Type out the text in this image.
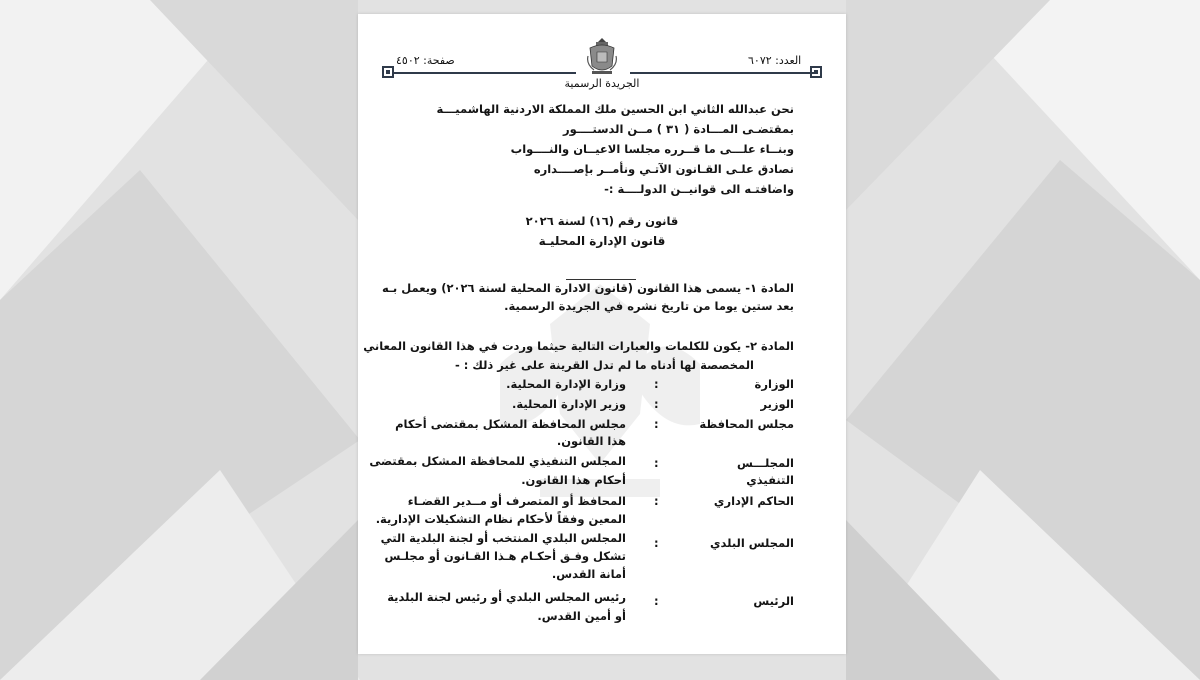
صفحة: ٤٥٠٢	العدد: ٦٠٧٢
الجريدة الرسمية
نحن عبدالله الثاني ابن الحسين ملك المملكة الاردنية الهاشميـــة
بمقتضـى المـــادة ( ٣١ ) مــن الدستــــور
وبنــاء علـــى ما قــرره مجلسا الاعيــان والنــــواب
نصادق علـى القـانون الآتـي ونأمــر بإصــــداره
واضافتـه الى قوانيــن الدولــــة :-
قانون رقم (١٦) لسنة ٢٠٢٦
قانون الإدارة المحليـة
المادة ١- يسمى هذا القانون (قانون الادارة المحلية لسنة ٢٠٢٦) ويعمل بـه
بعد ستين يوما من تاريخ نشره في الجريدة الرسمية.
المادة ٢- يكون للكلمات والعبارات التالية حيثما وردت في هذا القانون المعاني
المخصصة لها أدناه ما لم تدل القرينة على غير ذلك : -
الوزارة
:
وزارة الإدارة المحلية.
الوزير
:
وزير الإدارة المحلية.
مجلس المحافظة
:
مجلس المحافظة المشكل بمقتضى أحكام
هذا القانون.
المجلـــس
التنفيذي
:
المجلس التنفيذي للمحافظة المشكل بمقتضى
أحكام هذا القانون.
الحاكم الإداري
:
المحافظ أو المتصرف أو مــدير القضـاء
المعين وفقاً لأحكام نظام التشكيلات الإدارية.
المجلس البلدي
:
المجلس البلدي المنتخب أو لجنة البلدية التي
تشكل وفـق أحكـام هـذا القـانون أو مجلـس
أمانة القدس.
الرئيس
:
رئيس المجلس البلدي أو رئيس لجنة البلدية
أو أمين القدس.
